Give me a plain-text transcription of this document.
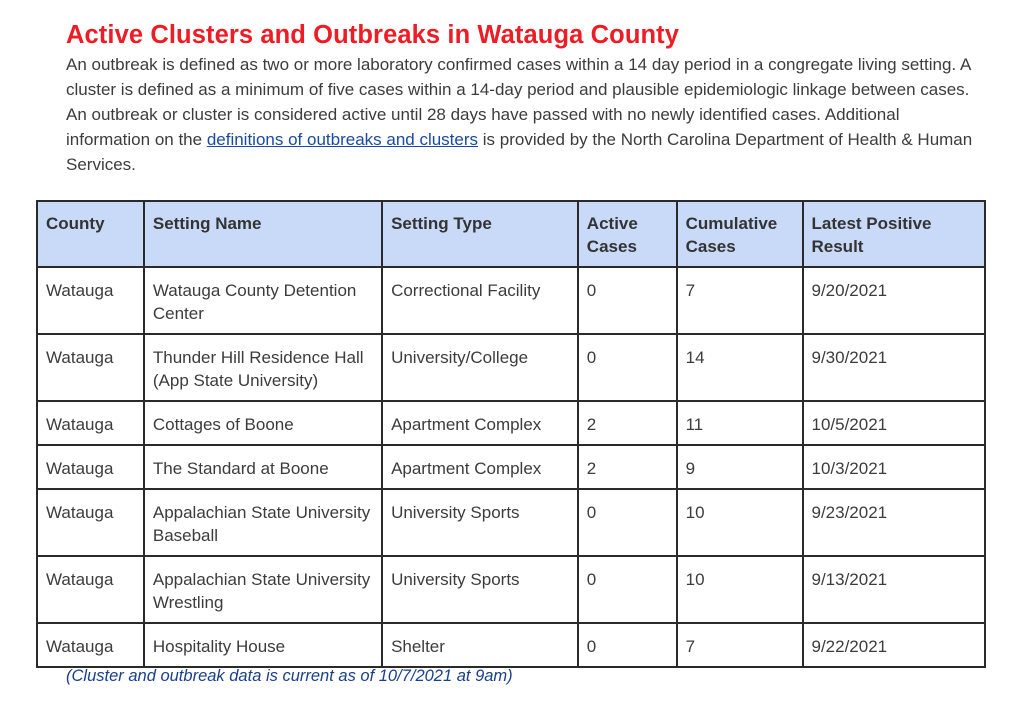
Active Clusters and Outbreaks in Watauga County

An outbreak is defined as two or more laboratory confirmed cases within a 14 day period in a congregate living setting. A cluster is defined as a minimum of five cases within a 14-day period and plausible epidemiologic linkage between cases. An outbreak or cluster is considered active until 28 days have passed with no newly identified cases. Additional information on the definitions of outbreaks and clusters is provided by the North Carolina Department of Health & Human Services.

County	Setting Name	Setting Type	Active Cases	Cumulative Cases	Latest Positive Result
Watauga	Watauga County Detention Center	Correctional Facility	0	7	9/20/2021
Watauga	Thunder Hill Residence Hall (App State University)	University/College	0	14	9/30/2021
Watauga	Cottages of Boone	Apartment Complex	2	11	10/5/2021
Watauga	The Standard at Boone	Apartment Complex	2	9	10/3/2021
Watauga	Appalachian State University Baseball	University Sports	0	10	9/23/2021
Watauga	Appalachian State University Wrestling	University Sports	0	10	9/13/2021
Watauga	Hospitality House	Shelter	0	7	9/22/2021
(Cluster and outbreak data is current as of 10/7/2021 at 9am)
